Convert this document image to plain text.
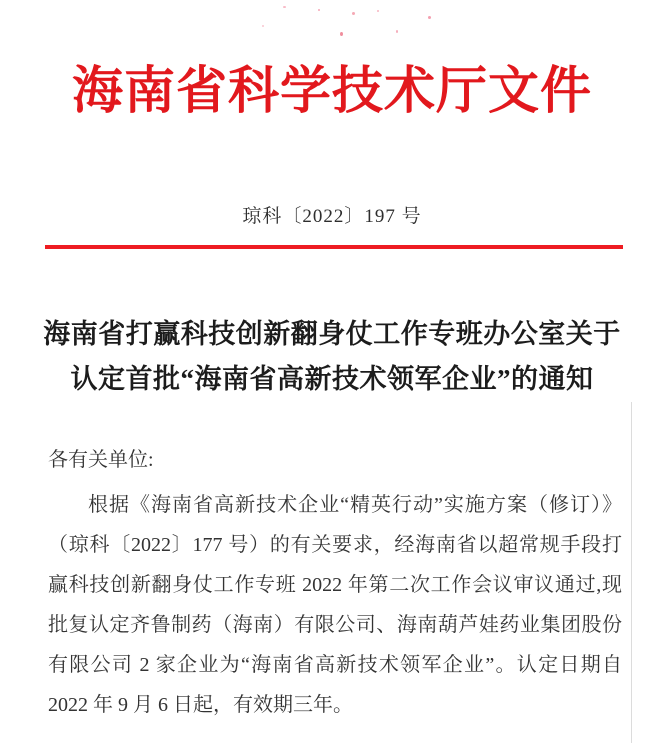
海南省科学技术厅文件
琼科〔2022〕197 号
海南省打赢科技创新翻身仗工作专班办公室关于
认定首批“海南省高新技术领军企业”的通知
各有关单位:
根据《海南省高新技术企业“精英行动”实施方案（修订）》
（琼科〔2022〕177 号）的有关要求，经海南省以超常规手段打
赢科技创新翻身仗工作专班 2022 年第二次工作会议审议通过,现
批复认定齐鲁制药（海南）有限公司、海南葫芦娃药业集团股份
有限公司 2 家企业为“海南省高新技术领军企业”。认定日期自
2022 年 9 月 6 日起，有效期三年。
